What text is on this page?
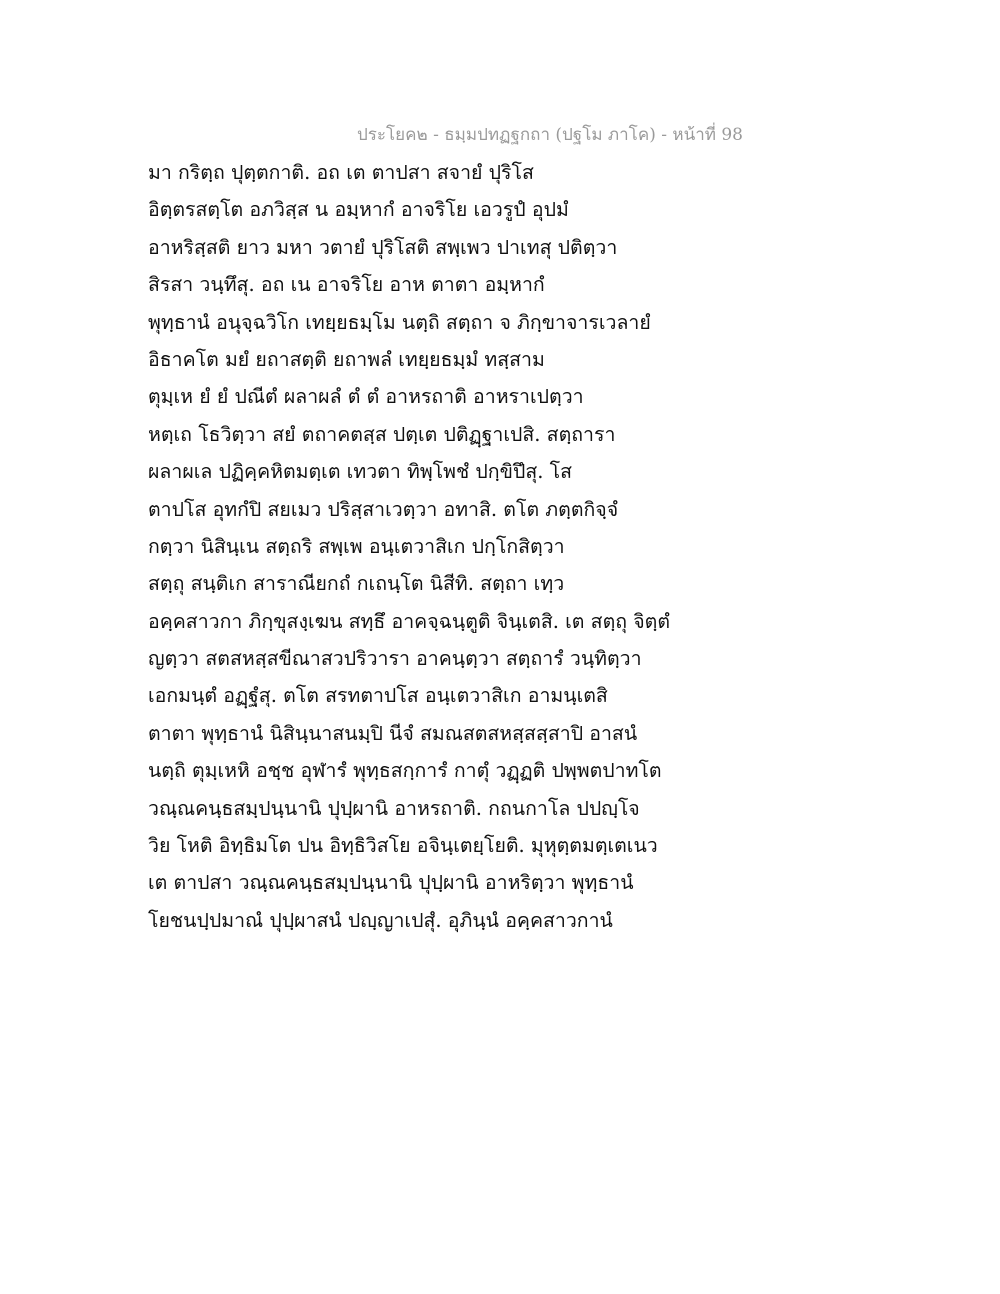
ประโยค๒ - ธมฺมปทฏฐกถา (ปฐโม ภาโค) - หน้าที่ 98

มา กริตฺถ ปุตฺตกาติ. อถ เต ตาปสา สจายํ ปุริโส
อิตฺตรสตฺโต อภวิสฺส น อมฺหากํ อาจริโย เอวรูปํ อุปมํ
อาหริสฺสติ ยาว มหา วตายํ ปุริโสติ สพฺเพว ปาเทสุ ปติตฺวา
สิรสา วนฺทึสุ. อถ เน อาจริโย อาห ตาตา อมฺหากํ
พุทฺธานํ อนุจฺฉวิโก เทยฺยธมฺโม นตฺถิ สตฺถา จ ภิกฺขาจารเวลายํ
อิธาคโต มยํ ยถาสตฺติ ยถาพลํ เทยฺยธมฺมํ ทสฺสาม
ตุมฺเห ยํ ยํ ปณีตํ ผลาผลํ ตํ ตํ อาหรถาติ อาหราเปตฺวา
หตฺเถ โธวิตฺวา สยํ ตถาคตสฺส ปตฺเต ปติฏฺฐาเปสิ. สตฺถารา
ผลาผเล ปฏิคฺคหิตมตฺเต เทวตา ทิพฺโพชํ ปกฺขิปึสุ. โส
ตาปโส อุทกํปิ สยเมว ปริสฺสาเวตฺวา อทาสิ. ตโต ภตฺตกิจฺจํ
กตฺวา นิสินฺเน สตฺถริ สพฺเพ อนฺเตวาสิเก ปกฺโกสิตฺวา
สตฺถุ สนฺติเก สาราณียกถํ กเถนฺโต นิสีทิ. สตฺถา เทฺว
อคฺคสาวกา ภิกฺขุสงฺเฆน สทฺธึ อาคจฺฉนฺตูติ จินฺเตสิ. เต สตฺถุ จิตฺตํ
ญตฺวา สตสหสฺสขีณาสวปริวารา อาคนฺตฺวา สตฺถารํ วนฺทิตฺวา
เอกมนฺตํ อฏฺฐํสุ. ตโต สรทตาปโส อนฺเตวาสิเก อามนฺเตสิ
ตาตา พุทฺธานํ นิสินฺนาสนมฺปิ นีจํ สมณสตสหสฺสสฺสาปิ อาสนํ
นตฺถิ ตุมฺเหหิ อชฺช อุฬารํ พุทฺธสกฺการํ กาตุํ วฏฺฏติ ปพฺพตปาทโต
วณฺณคนฺธสมฺปนฺนานิ ปุปฺผานิ อาหรถาติ. กถนกาโล ปปญฺโจ
วิย โหติ อิทฺธิมโต ปน อิทฺธิวิสโย อจินฺเตยฺโยติ. มุหุตฺตมตฺเตเนว
เต ตาปสา วณฺณคนฺธสมฺปนฺนานิ ปุปฺผานิ อาหริตฺวา พุทฺธานํ
โยชนปฺปมาณํ ปุปฺผาสนํ ปญฺญาเปสุํ. อุภินฺนํ อคฺคสาวกานํ
